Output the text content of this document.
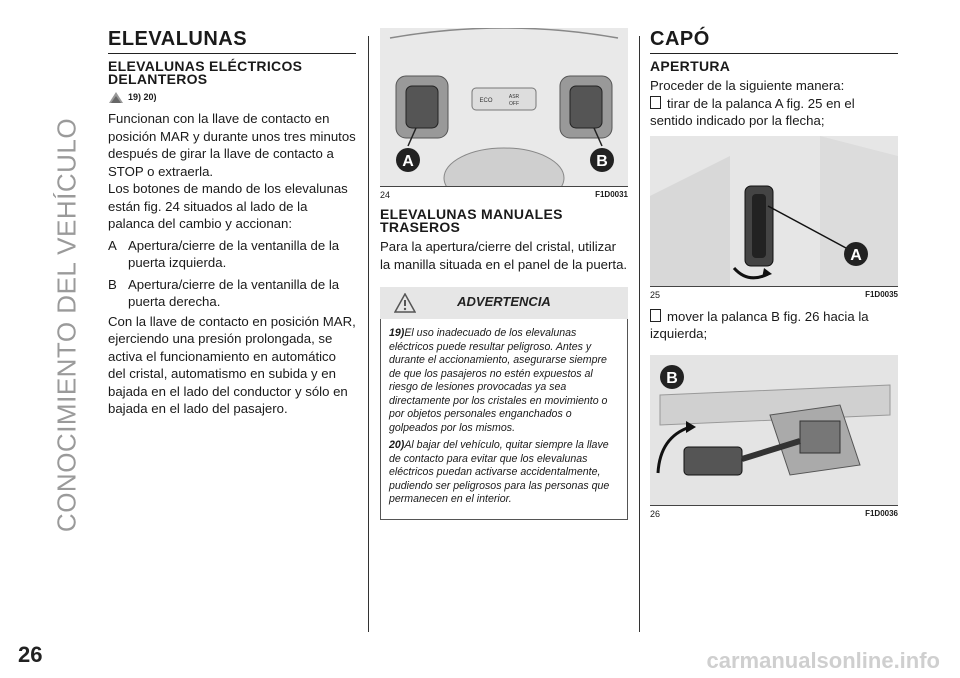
CONOCIMIENTO DEL VEHÍCULO
26	carmanualsonline.info
ELEVALUNAS
ELEVALUNAS ELÉCTRICOS DELANTEROS
19) 20)

Funcionan con la llave de contacto en posición MAR y durante unos tres minutos después de girar la llave de contacto a STOP o extraerla.

Los botones de mando de los elevalunas están fig. 24 situados al lado de la palanca del cambio y accionan:

A Apertura/cierre de la ventanilla de la puerta izquierda.
B Apertura/cierre de la ventanilla de la puerta derecha.

Con la llave de contacto en posición MAR, ejerciendo una presión prolongada, se activa el funcionamiento en automático del cristal, automatismo en subida y en bajada en el lado del conductor y sólo en bajada en el lado del pasajero.

A	B
ECO
ASR
OFF
24	F1D0031
ELEVALUNAS MANUALES TRASEROS

Para la apertura/cierre del cristal, utilizar la manilla situada en el panel de la puerta.

ADVERTENCIA

19)El uso inadecuado de los elevalunas eléctricos puede resultar peligroso. Antes y durante el accionamiento, asegurarse siempre de que los pasajeros no estén expuestos al riesgo de lesiones provocadas ya sea directamente por los cristales en movimiento o por objetos personales enganchados o golpeados por los mismos.

20)Al bajar del vehículo, quitar siempre la llave de contacto para evitar que los elevalunas eléctricos puedan activarse accidentalmente, pudiendo ser peligrosos para las personas que permanecen en el interior.

CAPÓ
APERTURA

Proceder de la siguiente manera:

tirar de la palanca A fig. 25 en el sentido indicado por la flecha;

A
25	F1D0035

mover la palanca B fig. 26 hacia la izquierda;

B
26	F1D0036
